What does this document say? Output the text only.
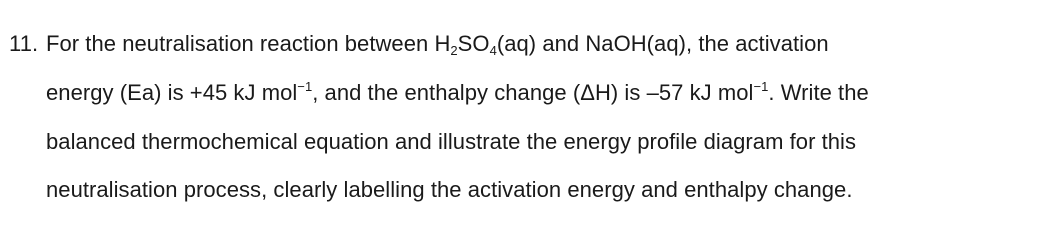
11. For the neutralisation reaction between $H_2SO_4(aq)$ and NaOH(aq), the activation
energy (Ea) is +45 kJ mol$^{-1}$, and the enthalpy change (ΔH) is –57 kJ mol$^{-1}$. Write the
balanced thermochemical equation and illustrate the energy profile diagram for this
neutralisation process, clearly labelling the activation energy and enthalpy change.
